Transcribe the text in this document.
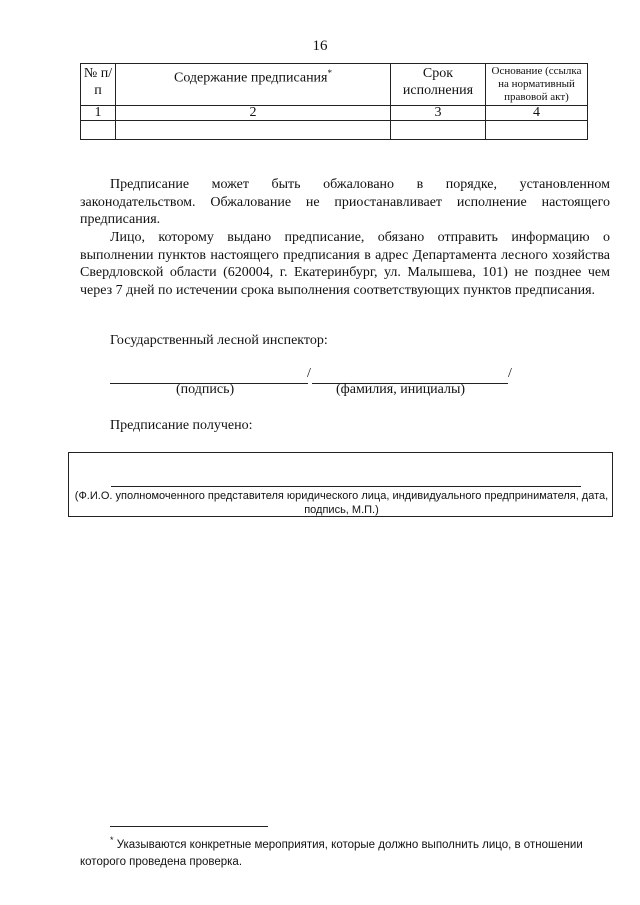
16
№ п/п	Содержание предписания*	Срок исполнения	Основание (ссылка на нормативный правовой акт)
1	2	3	4

Предписание может быть обжаловано в порядке, установленном законодательством. Обжалование не приостанавливает исполнение настоящего предписания.

Лицо, которому выдано предписание, обязано отправить информацию о выполнении пунктов настоящего предписания в адрес Департамента лесного хозяйства Свердловской области (620004, г. Екатеринбург, ул. Малышева, 101) не позднее чем через 7 дней по истечении срока выполнения соответствующих пунктов предписания.

Государственный лесной инспектор:
/	/
(подпись)	(фамилия, инициалы)
Предписание получено:
(Ф.И.О. уполномоченного представителя юридического лица, индивидуального предпринимателя, дата, подпись, М.П.)

* Указываются конкретные мероприятия, которые должно выполнить лицо, в отношении которого проведена проверка.
